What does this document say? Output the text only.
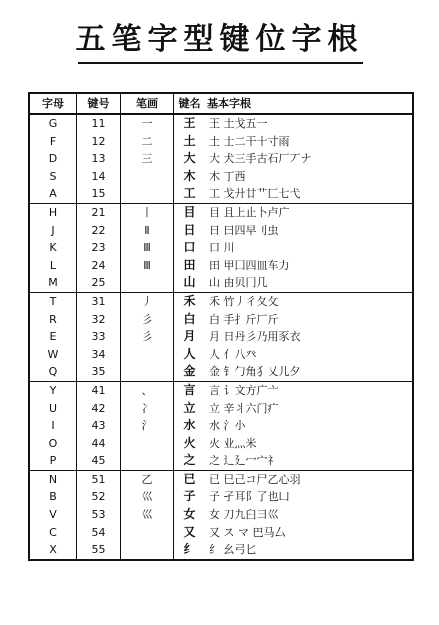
五笔字型键位字根
字母	键号	笔画	键名	基本字根
G	11	一	王	王 土戈五一
F	12	二	土	土 士二干十寸雨
D	13	三	大	大 犬三手古石厂丆ナ
S	14		木	木 丁西
A	15		工	工 戈廾廿艹匚七弋
H	21	丨	目	目 且上止卜卢广
J	22	Ⅱ	日	日 曰四早刂虫
K	23	Ⅲ	口	口 川
L	24	Ⅲ	田	田 甲囗四皿车力
M	25		山	山 由贝冂几
T	31	丿	禾	禾 竹丿彳夂攵
R	32	彡	白	白 手扌斤厂斤
E	33	彡	月	月 日丹彡乃用豕衣
W	34		人	人 亻八癶
Q	35		金	金 钅勹角犭乂儿夕
Y	41	、	言	言 讠文方广亠
U	42	冫	立	立 辛丬六门疒
I	43	氵	水	水 氵小
O	44		火	火 业灬米
P	45		之	之 辶廴冖宀礻
N	51	乙	已	已 巳己コ尸乙心羽
B	52	巛	子	子 孑耳阝了也凵
V	53	巛	女	女 刀九臼彐巛
C	54		又	又 ス マ 巴马厶
X	55		纟	纟 幺弓匕
